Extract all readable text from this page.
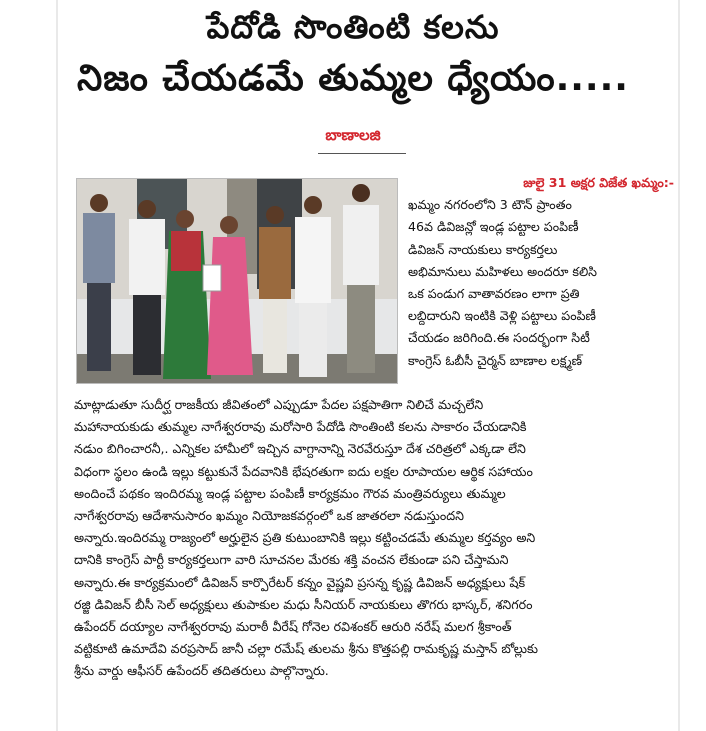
పేదోడి సొంతింటి కలను
నిజం చేయడమే తుమ్మల ధ్యేయం.....
బాణాలజి
జులై 31 అక్షర విజేత ఖమ్మం:-
ఖమ్మం నగరంలోని 3 టౌన్ ప్రాంతం
46వ డివిజన్లో ఇండ్ల పట్టాల పంపిణీ
డివిజన్ నాయకులు కార్యకర్తలు
అభిమానులు మహిళలు అందరూ కలిసి
ఒక పండుగ వాతావరణం లాగా ప్రతి
లబ్దిదారుని ఇంటికి వెళ్లి పట్టాలు పంపిణీ
చేయడం జరిగింది.ఈ సందర్భంగా సిటీ
కాంగ్రెస్ ఓబీసీ చైర్మన్ బాణాల లక్ష్మణ్
మాట్లాడుతూ సుదీర్ఘ రాజకీయ జీవితంలో ఎప్పుడూ పేదల పక్షపాతిగా నిలిచే మచ్చలేని
మహానాయకుడు తుమ్మల నాగేశ్వరరావు మరోసారి పేదోడి సొంతింటి కలను సాకారం చేయడానికి
నడుం బిగించారనీ,. ఎన్నికల హామీలో ఇచ్చిన వాగ్దానాన్ని నెరవేరుస్తూ దేశ చరిత్రలో ఎక్కడా లేని
విధంగా స్థలం ఉండి ఇల్లు కట్టుకునే పేదవానికి భేషరతుగా ఐదు లక్షల రూపాయల ఆర్థిక సహాయం
అందించే పథకం ఇందిరమ్మ ఇండ్ల పట్టాల పంపిణీ కార్యక్రమం గౌరవ మంత్రివర్యులు తుమ్మల
నాగేశ్వరరావు ఆదేశానుసారం ఖమ్మం నియోజకవర్గంలో ఒక జాతరలా నడుస్తుందని
అన్నారు.ఇందిరమ్మ రాజ్యంలో అర్హులైన ప్రతి కుటుంబానికి ఇల్లు కట్టించడమే తుమ్మల కర్తవ్యం అని
దానికి కాంగ్రెస్ పార్టీ కార్యకర్తలుగా వారి సూచనల మేరకు శక్తి వంచన లేకుండా పని చేస్తామని
అన్నారు.ఈ కార్యక్రమంలో డివిజన్ కార్పొరేటర్ కన్నం వైష్ణవి ప్రసన్న కృష్ణ డివిజన్ అధ్యక్షులు షేక్
రజ్జి డివిజన్ బీసీ సెల్ అధ్యక్షులు తుపాకుల మధు సీనియర్ నాయకులు తొగరు భాస్కర్, శనిగరం
ఉపేందర్ దయ్యాల నాగేశ్వరరావు మరాఠీ వీరేష్ గోనెల రవిశంకర్ ఆరురి నరేష్ మలగ శ్రీకాంత్
వట్టికూటి ఉమాదేవి వరప్రసాద్ జానీ చల్లా రమేష్ తులమ శ్రీను కొత్తపల్లి రామకృష్ణ మస్తాన్ బోల్లుకు
శ్రీను వార్డు ఆఫీసర్ ఉపేందర్ తదితరులు పాల్గొన్నారు.
